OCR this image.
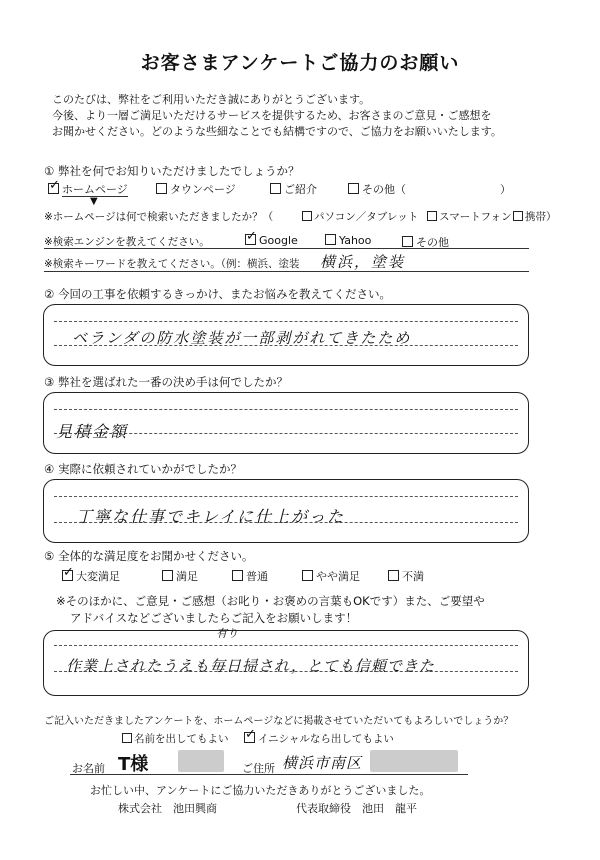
お客さまアンケートご協力のお願い
このたびは、弊社をご利用いただき誠にありがとうございます。
今後、より一層ご満足いただけるサービスを提供するため、お客さまのご意見・ご感想を
お聞かせください。どのような些細なことでも結構ですので、ご協力をお願いいたします。
① 弊社を何でお知りいただけましたでしょうか？
✓ホームページ	タウンページ	ご紹介	その他（	）
▼
※ホームページは何で検索いただきましたか？（	パソコン／タブレット	スマートフォン	携帯）
※検索エンジンを教えてください。 ✓	Google	Yahoo	その他
※検索キーワードを教えてください。（例：横浜、塗装 横浜，塗装
② 今回の工事を依頼するきっかけ、またお悩みを教えてください。
ベランダの防水塗装が一部剥がれてきたため
③ 弊社を選ばれた一番の決め手は何でしたか？
見積金額
④ 実際に依頼されていかがでしたか？
丁寧な仕事でキレイに仕上がった
⑤ 全体的な満足度をお聞かせください。
✓大変満足	満足	普通	やや満足	不満
※そのほかに、ご意見・ご感想（お叱り・お褒めの言葉もOKです）また、ご要望や
アドバイスなどございましたらご記入をお願いします！
有り
作業上されたうえも毎日掃され，とても信頼できた
ご記入いただきましたアンケートを、ホームページなどに掲載させていただいてもよろしいでしょうか？
名前を出してもよい ✓	イニシャルなら出してもよい
お名前 T様	ご住所 横浜市南区
お忙しい中、アンケートにご協力いただきありがとうございました。
株式会社　池田興商	代表取締役　池田　龍平
